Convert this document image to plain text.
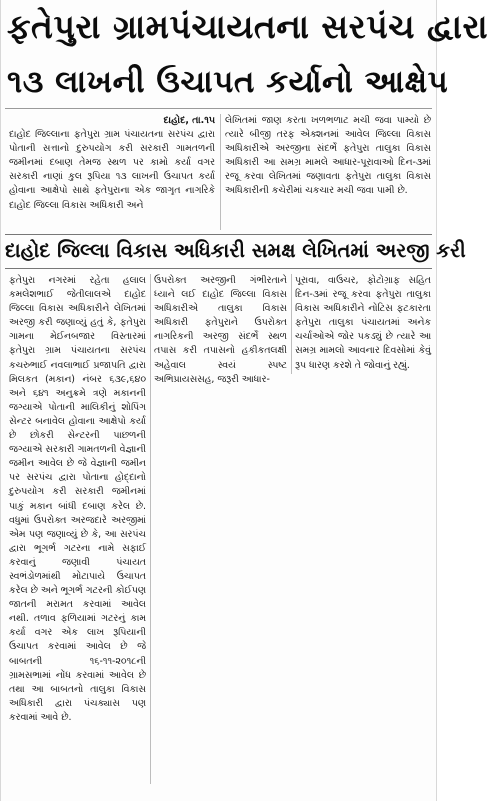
ફતેપુરા ગ્રામપંચાયતના સરપંચ દ્વારા
૧૩ લાખની ઉચાપત કર્યાનો આક્ષેપ
દાહોદ, તા.૧૫
દાહોદ જિલ્લાના ફતેપુરા ગ્રામ પંચાયતના સરપંચ દ્વારા પોતાની સત્તાનો દુરુપયોગ કરી સરકારી ગામતળની જમીનમાં દબાણ તેમજ સ્થળ પર કામો કર્યા વગર સરકારી નાણાં કુલ રૂપિયા ૧૩ લાખની ઉચાપત કર્યા હોવાના આક્ષેપો સાથે ફતેપુરાના એક જાગૃત નાગરિકે દાહોદ જિલ્લા વિકાસ અધિકારી અને
લેખિતમાં જાણ કરતા ખળભળાટ મચી જવા પામ્યો છે ત્યારે બીજી તરફ એક્શનમાં આવેલ જિલ્લા વિકાસ અધિકારીએ અરજીના સંદર્ભે ફતેપુરા તાલુકા વિકાસ અધિકારી આ સમગ્ર મામલે આધાર-પૂરાવાઓ દિન-૩માં રજૂ કરવા લેખિતમાં જણાવતા ફતેપુરા તાલુકા વિકાસ અધિકારીની કચેરીમાં ચકચાર મચી જવા પામી છે.
દાહોદ જિલ્લા વિકાસ અધિકારી સમક્ષ લેખિતમાં અરજી કરી
ફતેપુરા નગરમાં રહેતા હલાલ કમલેશભાઈ જેતીલાલએ દાહોદ જિલ્લા વિકાસ અધિકારીને લેખિતમાં અરજી કરી જણાવ્યું હતું કે, ફતેપુરા ગામના મેઈનબજાર વિસ્તારમાં ફતેપુરા ગ્રામ પંચાયતના સરપંચ કચરુભાઈ નવલાભાઈ પ્રજાપતિ દ્વારા મિલકત (મકાન) નંબર ૬૩૯,૬૪૦ અને ૬૪૧ અનુક્રમે ત્રણે મકાનની જગ્યાએ પોતાની માલિકીનું શોપિંગ સેન્ટર બનાવેલ હોવાના આક્ષેપો કર્યા છે છોકરી સેન્ટરની પાછળની જગ્યાએ સરકારી ગામતળની વેજ્ઞાની જમીન આવેલ છે જે વેજ્ઞાની જમીન પર સરપંચ દ્વારા પોતાના હોદ્દાનો દુરુપયોગ કરી સરકારી જમીનમાં પાકું મકાન બાંધી દબાણ કરેલ છે. વધુમાં ઉપરોક્ત અરજદારે અરજીમાં એમ પણ જણાવ્યું છે કે, આ સરપંચ દ્વારા ભૂગર્ભ ગટરના નામે સફાઈ કરવાનું જણાવી પંચાયત સ્વભંડોળમાંથી મોટાપાયે ઉચાપત કરેલ છે અને ભૂગર્ભ ગટરની કોઈપણ જાતની મરામત કરવામાં આવેલ નથી. તળાવ ફળિયામાં ગટરનું કામ કર્યા વગર એક લાખ રૂપિયાની ઉચાપત કરવામાં આવેલ છે જે બાબતની ૧૬-૧૧-૨૦૧૮ની ગ્રામસભામાં નોંધ કરવામાં આવેલ છે તથા આ બાબતનો તાલુકા વિકાસ અધિકારી દ્વારા પંચક્યાસ પણ કરવામાં આવે છે.
ઉપરોક્ત અરજીની ગંભીરતાને ધ્યાને લઈ દાહોદ જિલ્લા વિકાસ અધિકારીએ તાલુકા વિકાસ અધિકારી ફતેપુરાને ઉપરોક્ત નાગરિકની અરજી સંદર્ભે સ્થળ તપાસ કરી તપાસનો હકીકતલક્ષી અહેવાલ સ્વયં સ્પષ્ટ અભિપ્રાયસસહ, જરૂરી આધાર-
પૂરાવા, વાઉચર, ફોટોગ્રાફ સહિત દિન-૩માં રજૂ કરવા ફતેપુરા તાલુકા વિકાસ અધિકારીને નોટિસ ફટકારતા ફતેપુરા તાલુકા પંચાયતમાં અનેક ચર્ચાઓએ જોર પકડ્યું છે ત્યારે આ સમગ્ર મામલો આવનાર દિવસોમાં કેવું રૂપ ધારણ કરશે તે જોવાનું રહ્યું.
